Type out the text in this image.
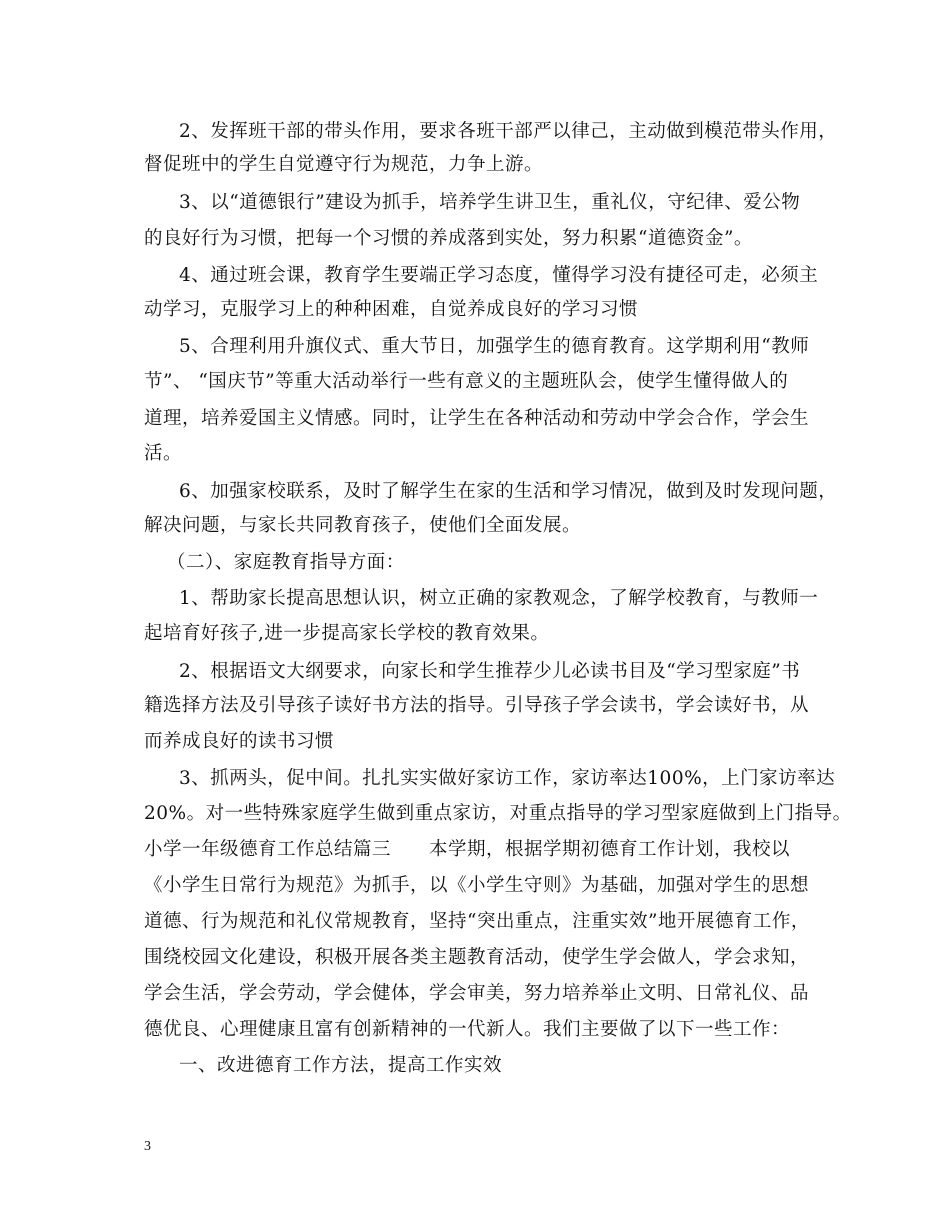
2、发挥班干部的带头作用，要求各班干部严以律己，主动做到模范带头作用，
督促班中的学生自觉遵守行为规范，力争上游。
3、以“道德银行”建设为抓手，培养学生讲卫生，重礼仪，守纪律、爱公物
的良好行为习惯，把每一个习惯的养成落到实处，努力积累“道德资金”。
4、通过班会课，教育学生要端正学习态度，懂得学习没有捷径可走，必须主
动学习，克服学习上的种种困难，自觉养成良好的学习习惯
5、合理利用升旗仪式、重大节日，加强学生的德育教育。这学期利用“教师
节”、 “国庆节”等重大活动举行一些有意义的主题班队会，使学生懂得做人的
道理，培养爱国主义情感。同时，让学生在各种活动和劳动中学会合作，学会生
活。
6、加强家校联系，及时了解学生在家的生活和学习情况，做到及时发现问题，
解决问题，与家长共同教育孩子，使他们全面发展。
（二）、家庭教育指导方面：
1、帮助家长提高思想认识，树立正确的家教观念，了解学校教育，与教师一
起培育好孩子,进一步提高家长学校的教育效果。
2、根据语文大纲要求，向家长和学生推荐少儿必读书目及“学习型家庭”书
籍选择方法及引导孩子读好书方法的指导。引导孩子学会读书，学会读好书，从
而养成良好的读书习惯
3、抓两头，促中间。扎扎实实做好家访工作，家访率达100%，上门家访率达
20%。对一些特殊家庭学生做到重点家访，对重点指导的学习型家庭做到上门指导。
小学一年级德育工作总结篇三　　本学期，根据学期初德育工作计划，我校以
《小学生日常行为规范》为抓手，以《小学生守则》为基础，加强对学生的思想
道德、行为规范和礼仪常规教育，坚持“突出重点，注重实效”地开展德育工作，
围绕校园文化建设，积极开展各类主题教育活动，使学生学会做人，学会求知，
学会生活，学会劳动，学会健体，学会审美，努力培养举止文明、日常礼仪、品
德优良、心理健康且富有创新精神的一代新人。我们主要做了以下一些工作：
一、改进德育工作方法，提高工作实效
3
